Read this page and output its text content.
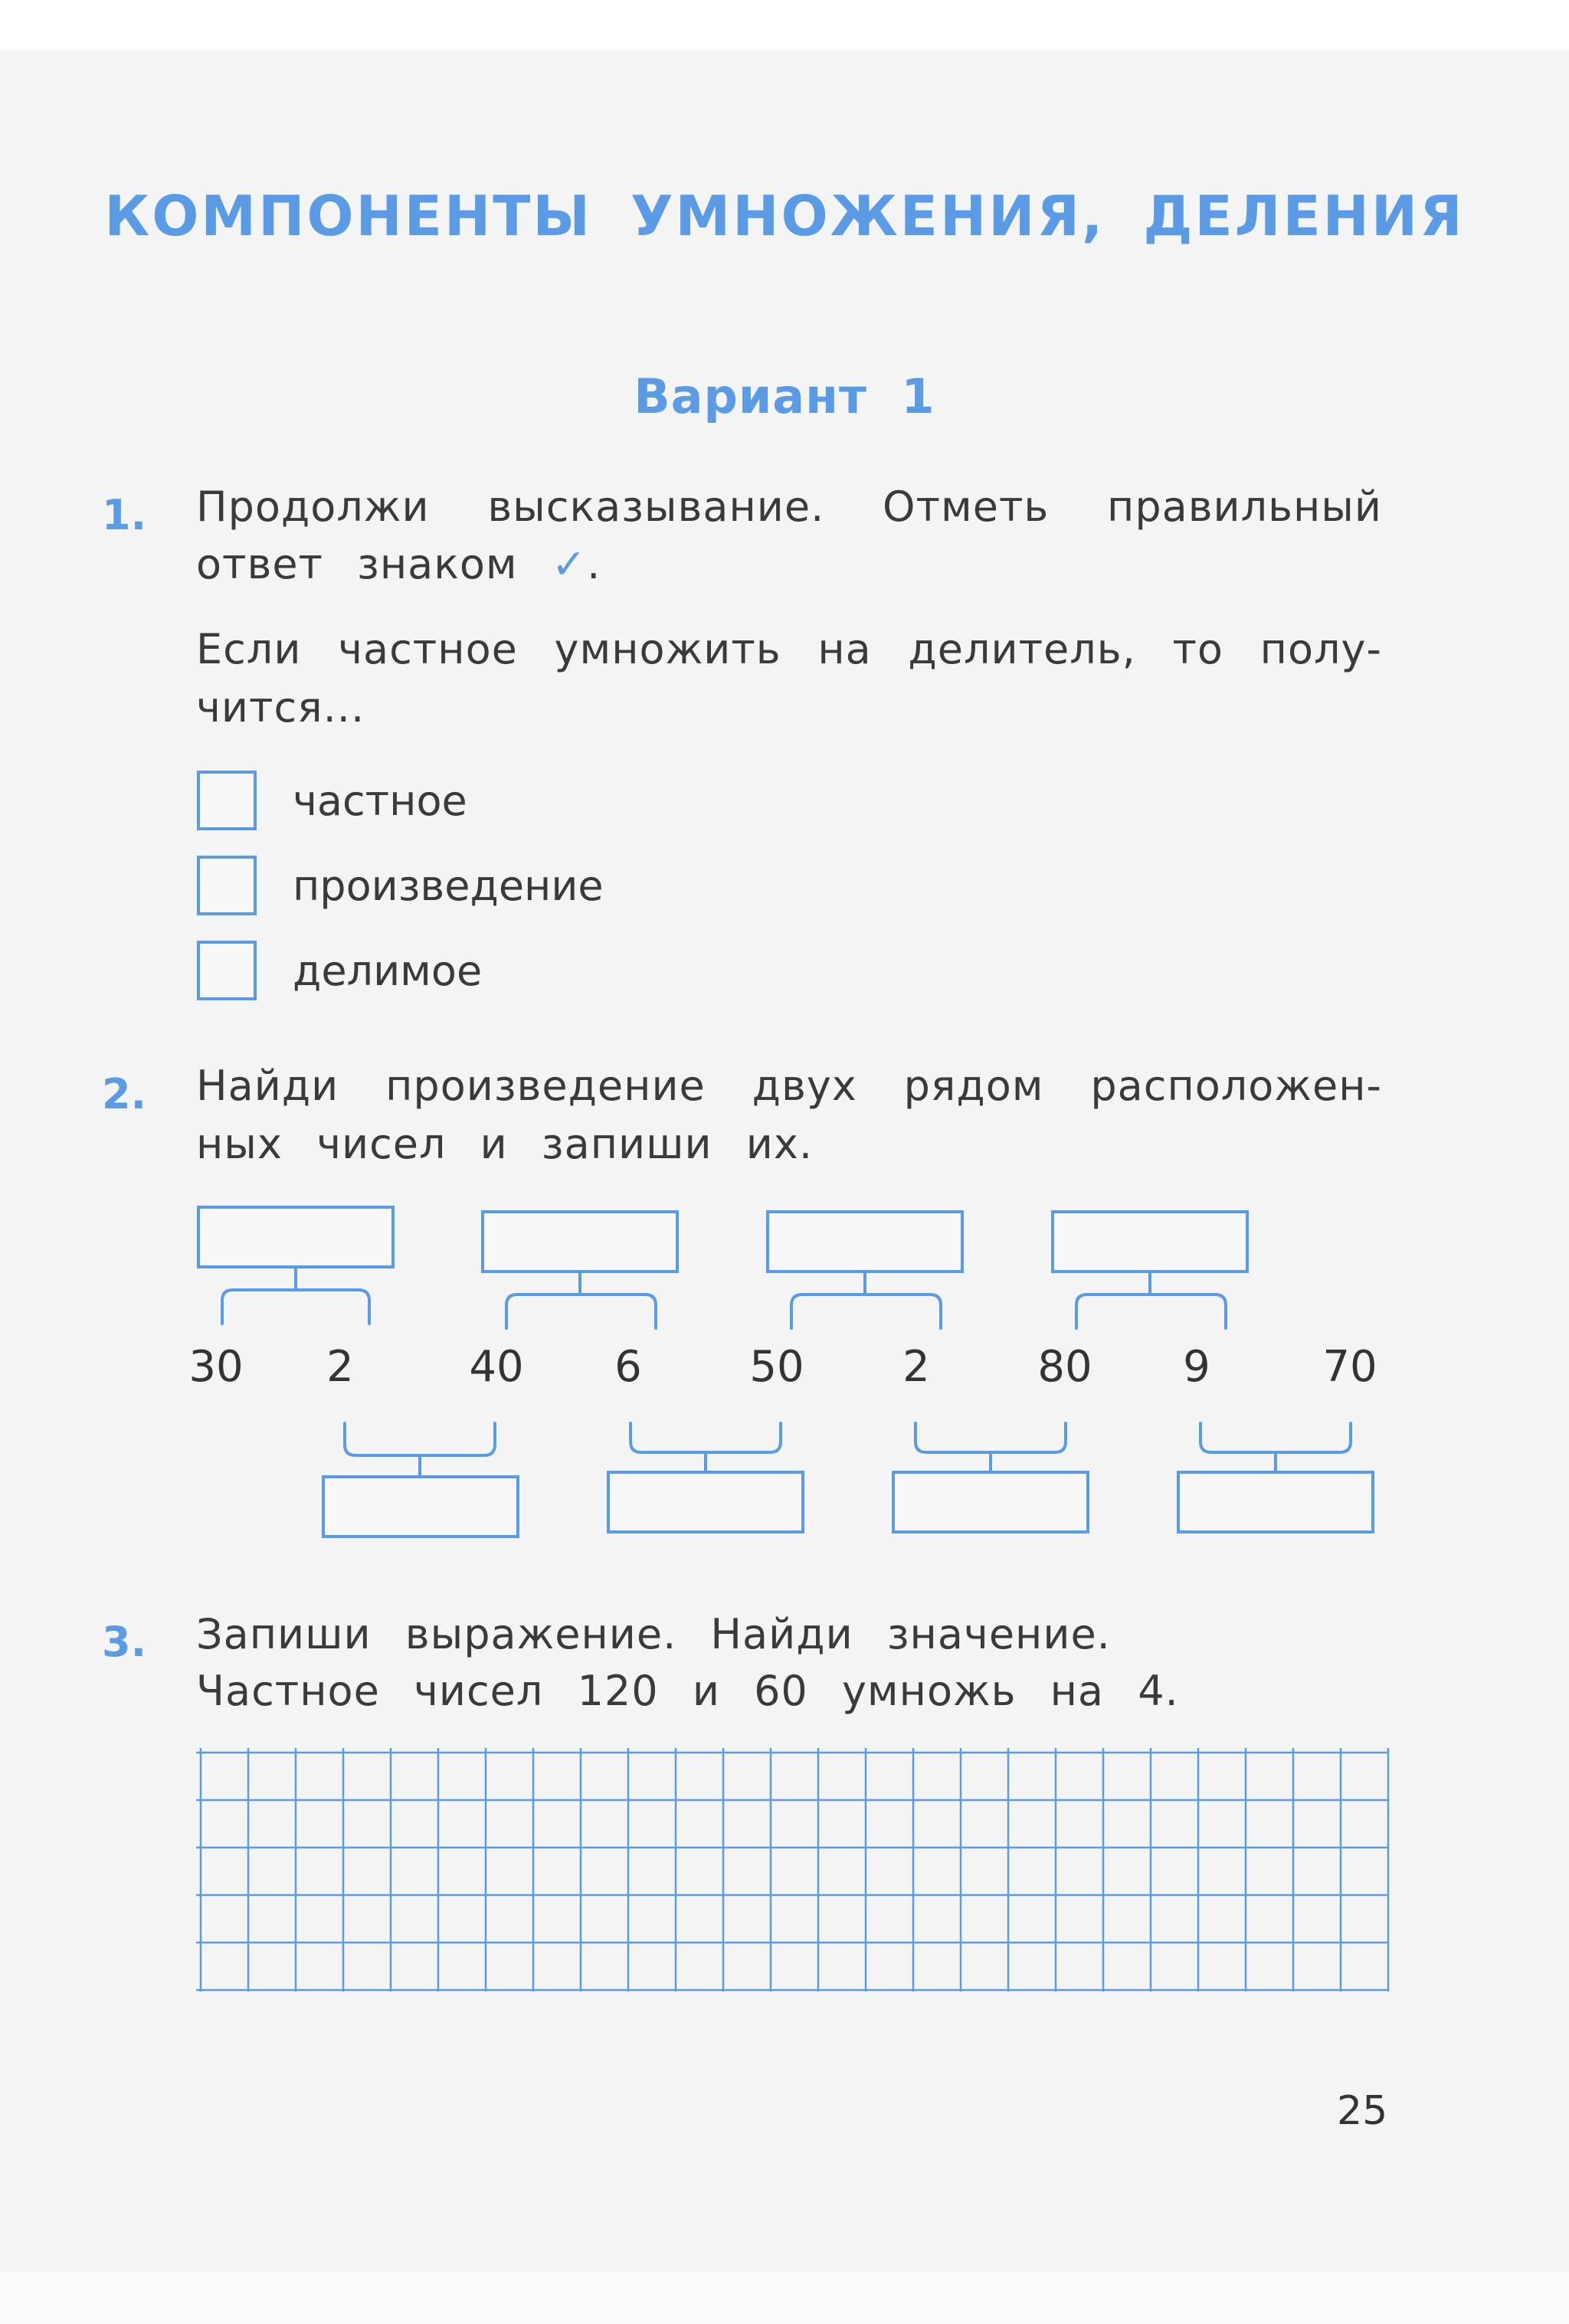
КОМПОНЕНТЫ УМНОЖЕНИЯ, ДЕЛЕНИЯ
Вариант 1
1. Продолжи высказывание. Отметь правильный
ответ знаком ✓.
Если частное умножить на делитель, то полу-
чится...
частное
произведение
делимое
2. Найди произведение двух рядом расположен-
ных чисел и запиши их.
30	2	40	6	50	2	80	9	70
3. Запиши выражение. Найди значение.
Частное чисел 120 и 60 умножь на 4.
25
